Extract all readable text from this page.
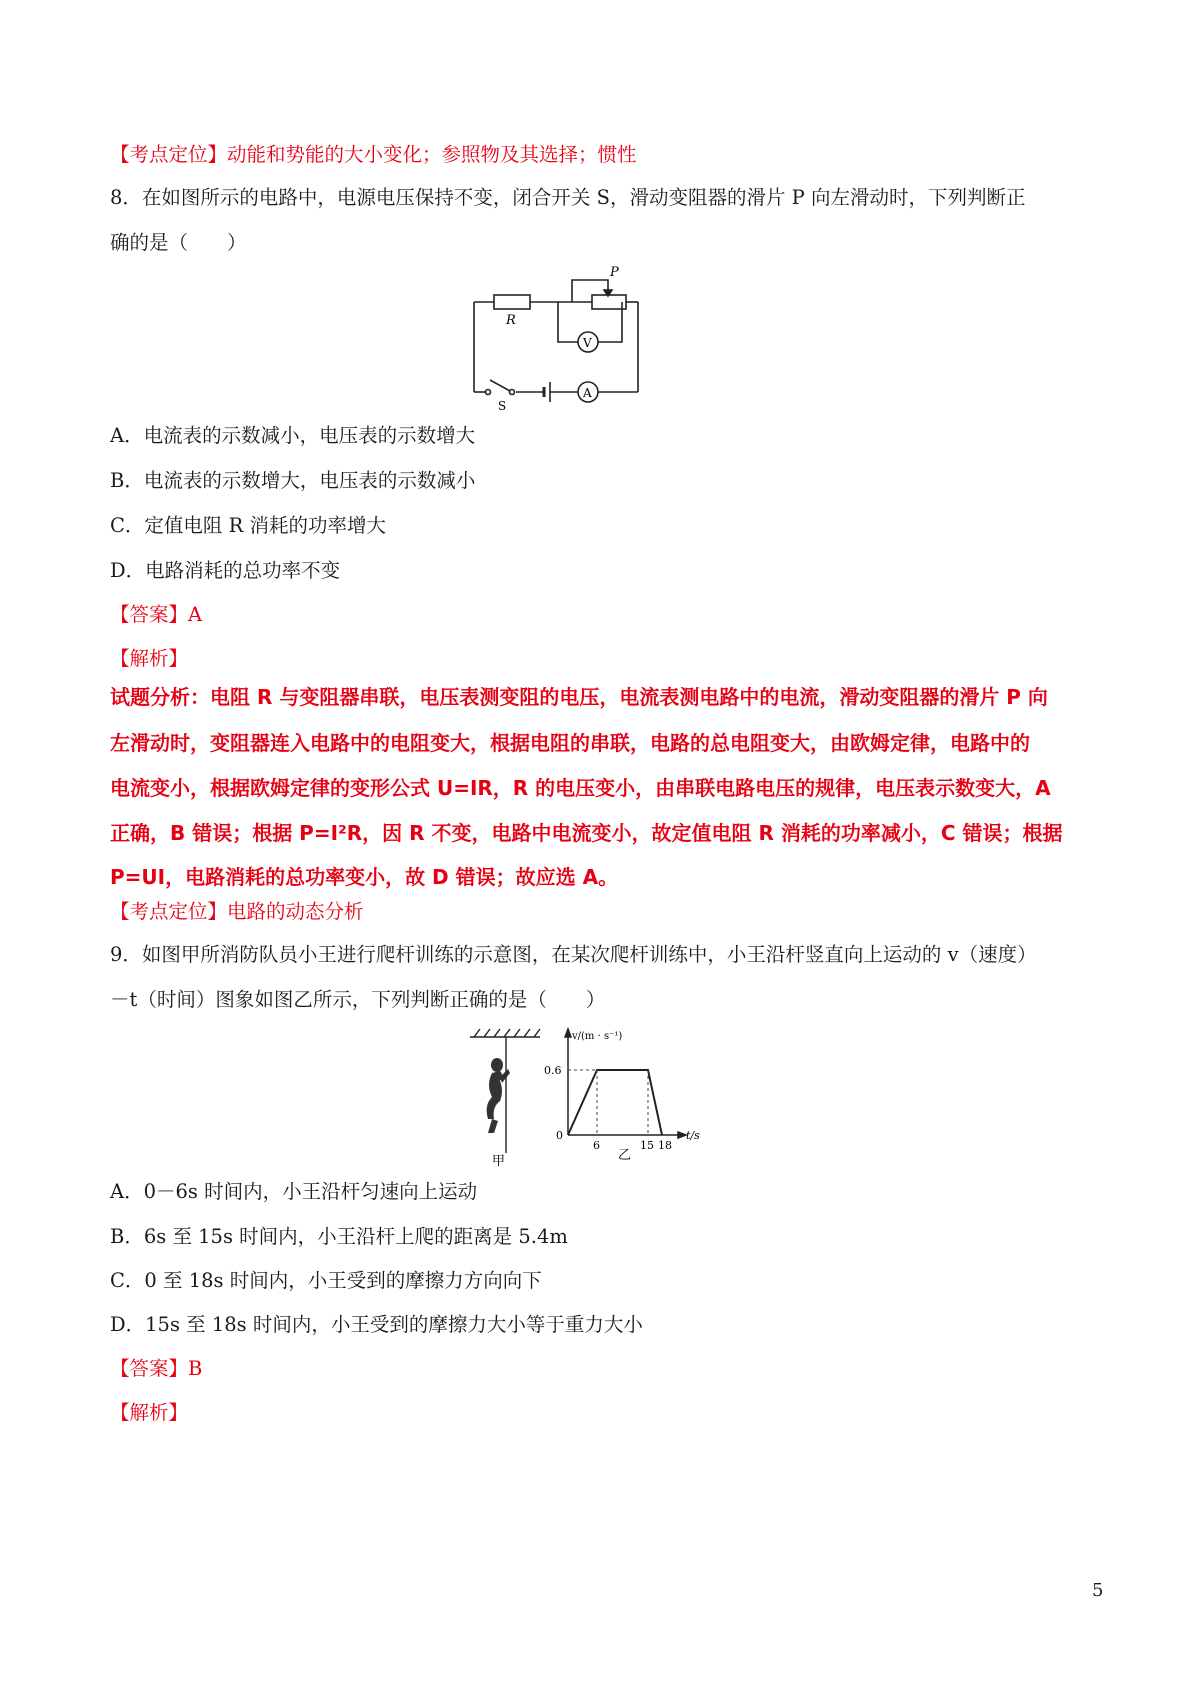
【考点定位】动能和势能的大小变化；参照物及其选择；惯性
8．在如图所示的电路中，电源电压保持不变，闭合开关 S，滑动变阻器的滑片 P 向左滑动时，下列判断正
确的是（　　）
R
P
V
A
S
A．电流表的示数减小，电压表的示数增大
B．电流表的示数增大，电压表的示数减小
C．定值电阻 R 消耗的功率增大
D．电路消耗的总功率不变
【答案】A
【解析】
试题分析：电阻 R 与变阻器串联，电压表测变阻的电压，电流表测电路中的电流，滑动变阻器的滑片 P 向
左滑动时，变阻器连入电路中的电阻变大，根据电阻的串联，电路的总电阻变大，由欧姆定律，电路中的
电流变小，根据欧姆定律的变形公式 U=IR，R 的电压变小，由串联电路电压的规律，电压表示数变大，A
正确，B 错误；根据 P=I²R，因 R 不变，电路中电流变小，故定值电阻 R 消耗的功率减小，C 错误；根据
P=UI，电路消耗的总功率变小，故 D 错误；故应选 A。
【考点定位】电路的动态分析
9．如图甲所消防队员小王进行爬杆训练的示意图，在某次爬杆训练中，小王沿杆竖直向上运动的 v（速度）
－t（时间）图象如图乙所示，下列判断正确的是（　　）
甲
v/(m · s⁻¹)
0.6
0
6	15 18
t/s
乙
A．0－6s 时间内，小王沿杆匀速向上运动
B．6s 至 15s 时间内，小王沿杆上爬的距离是 5.4m
C．0 至 18s 时间内，小王受到的摩擦力方向向下
D．15s 至 18s 时间内，小王受到的摩擦力大小等于重力大小
【答案】B
【解析】
5
